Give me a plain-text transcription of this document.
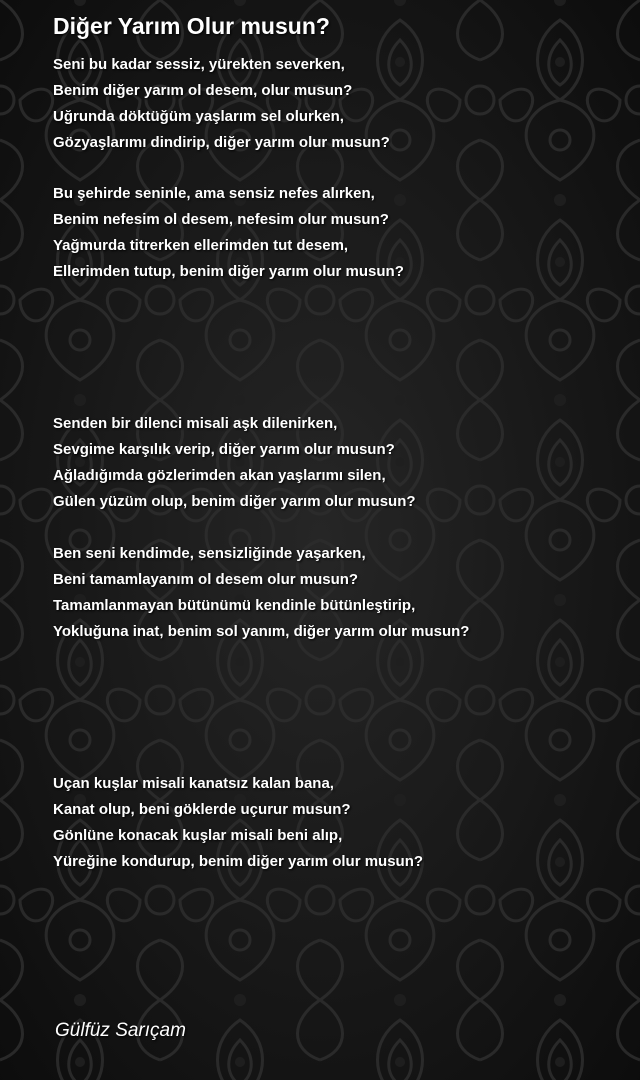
Diğer Yarım Olur musun?
Seni bu kadar sessiz, yürekten severken,
Benim diğer yarım ol desem, olur musun?
Uğrunda döktüğüm yaşlarım sel olurken,
Gözyaşlarımı dindirip, diğer yarım olur musun?
Bu şehirde seninle, ama sensiz nefes alırken,
Benim nefesim ol desem, nefesim olur musun?
Yağmurda titrerken ellerimden tut desem,
Ellerimden tutup, benim diğer yarım olur musun?
Senden bir dilenci misali aşk dilenirken,
Sevgime karşılık verip, diğer yarım olur musun?
Ağladığımda gözlerimden akan yaşlarımı silen,
Gülen yüzüm olup, benim diğer yarım olur musun?
Ben seni kendimde, sensizliğinde yaşarken,
Beni tamamlayanım ol desem olur musun?
Tamamlanmayan bütünümü kendinle bütünleştirip,
Yokluğuna inat, benim sol yanım, diğer yarım olur musun?
Uçan kuşlar misali kanatsız kalan bana,
Kanat olup, beni göklerde uçurur musun?
Gönlüne konacak kuşlar misali beni alıp,
Yüreğine kondurup, benim diğer yarım olur musun?
Gülfüz Sarıçam
